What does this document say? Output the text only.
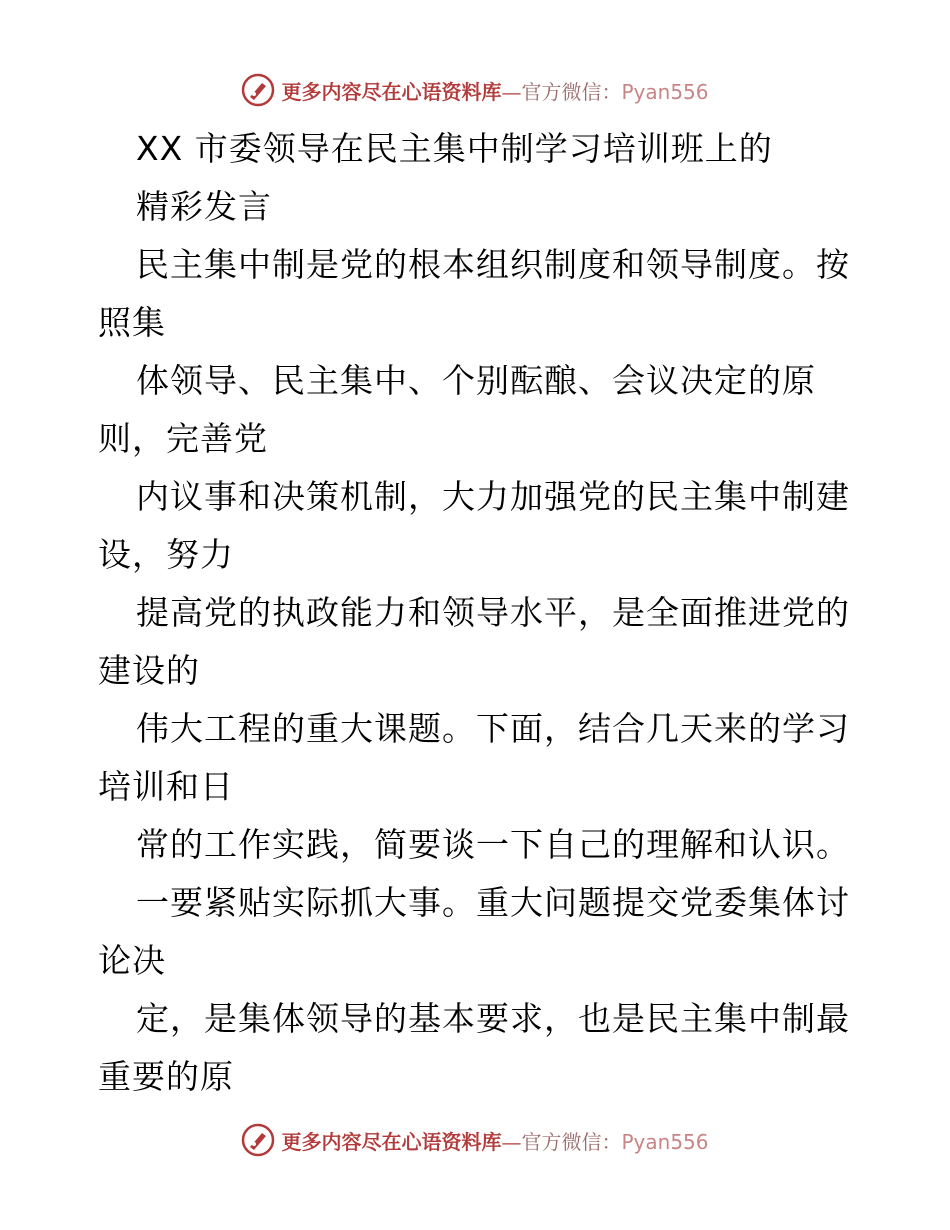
更多内容尽在心语资料库—官方微信：Pyan556
XX 市委领导在民主集中制学习培训班上的
精彩发言
民主集中制是党的根本组织制度和领导制度。按
照集
体领导、民主集中、个别酝酿、会议决定的原
则，完善党
内议事和决策机制，大力加强党的民主集中制建
设，努力
提高党的执政能力和领导水平，是全面推进党的
建设的
伟大工程的重大课题。下面，结合几天来的学习
培训和日
常的工作实践，简要谈一下自己的理解和认识。
一要紧贴实际抓大事。重大问题提交党委集体讨
论决
定，是集体领导的基本要求，也是民主集中制最
重要的原
更多内容尽在心语资料库—官方微信：Pyan556
